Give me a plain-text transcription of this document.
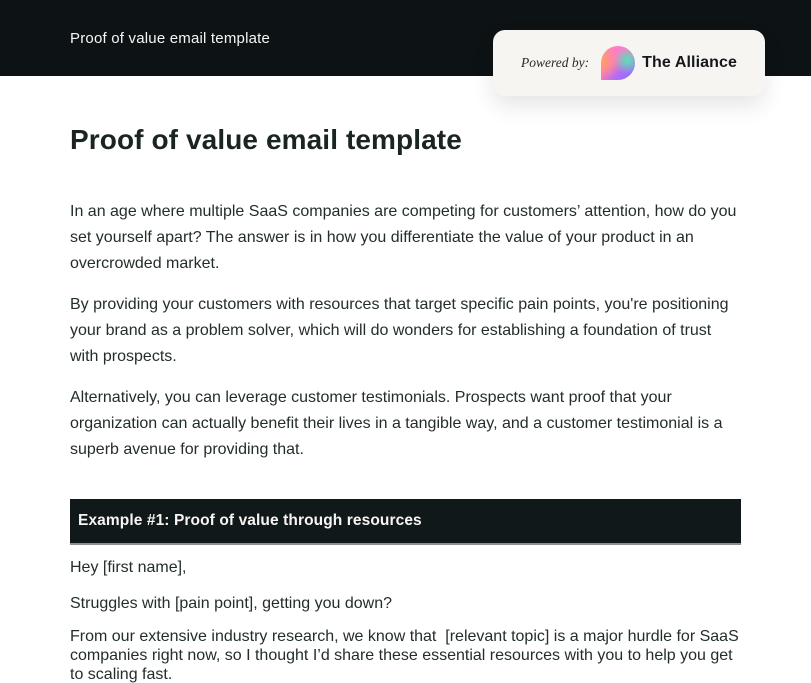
Proof of value email template
Powered by:	The Alliance
Proof of value email template

In an age where multiple SaaS companies are competing for customers’ attention, how do you set yourself apart? The answer is in how you differentiate the value of your product in an overcrowded market.

By providing your customers with resources that target specific pain points, you're positioning your brand as a problem solver, which will do wonders for establishing a foundation of trust with prospects.

Alternatively, you can leverage customer testimonials. Prospects want proof that your organization can actually benefit their lives in a tangible way, and a customer testimonial is a superb avenue for providing that.

Example #1: Proof of value through resources

Hey [first name],

Struggles with [pain point], getting you down?

From our extensive industry research, we know that  [relevant topic] is a major hurdle for SaaS companies right now, so I thought I’d share these essential resources with you to help you get to scaling fast.
